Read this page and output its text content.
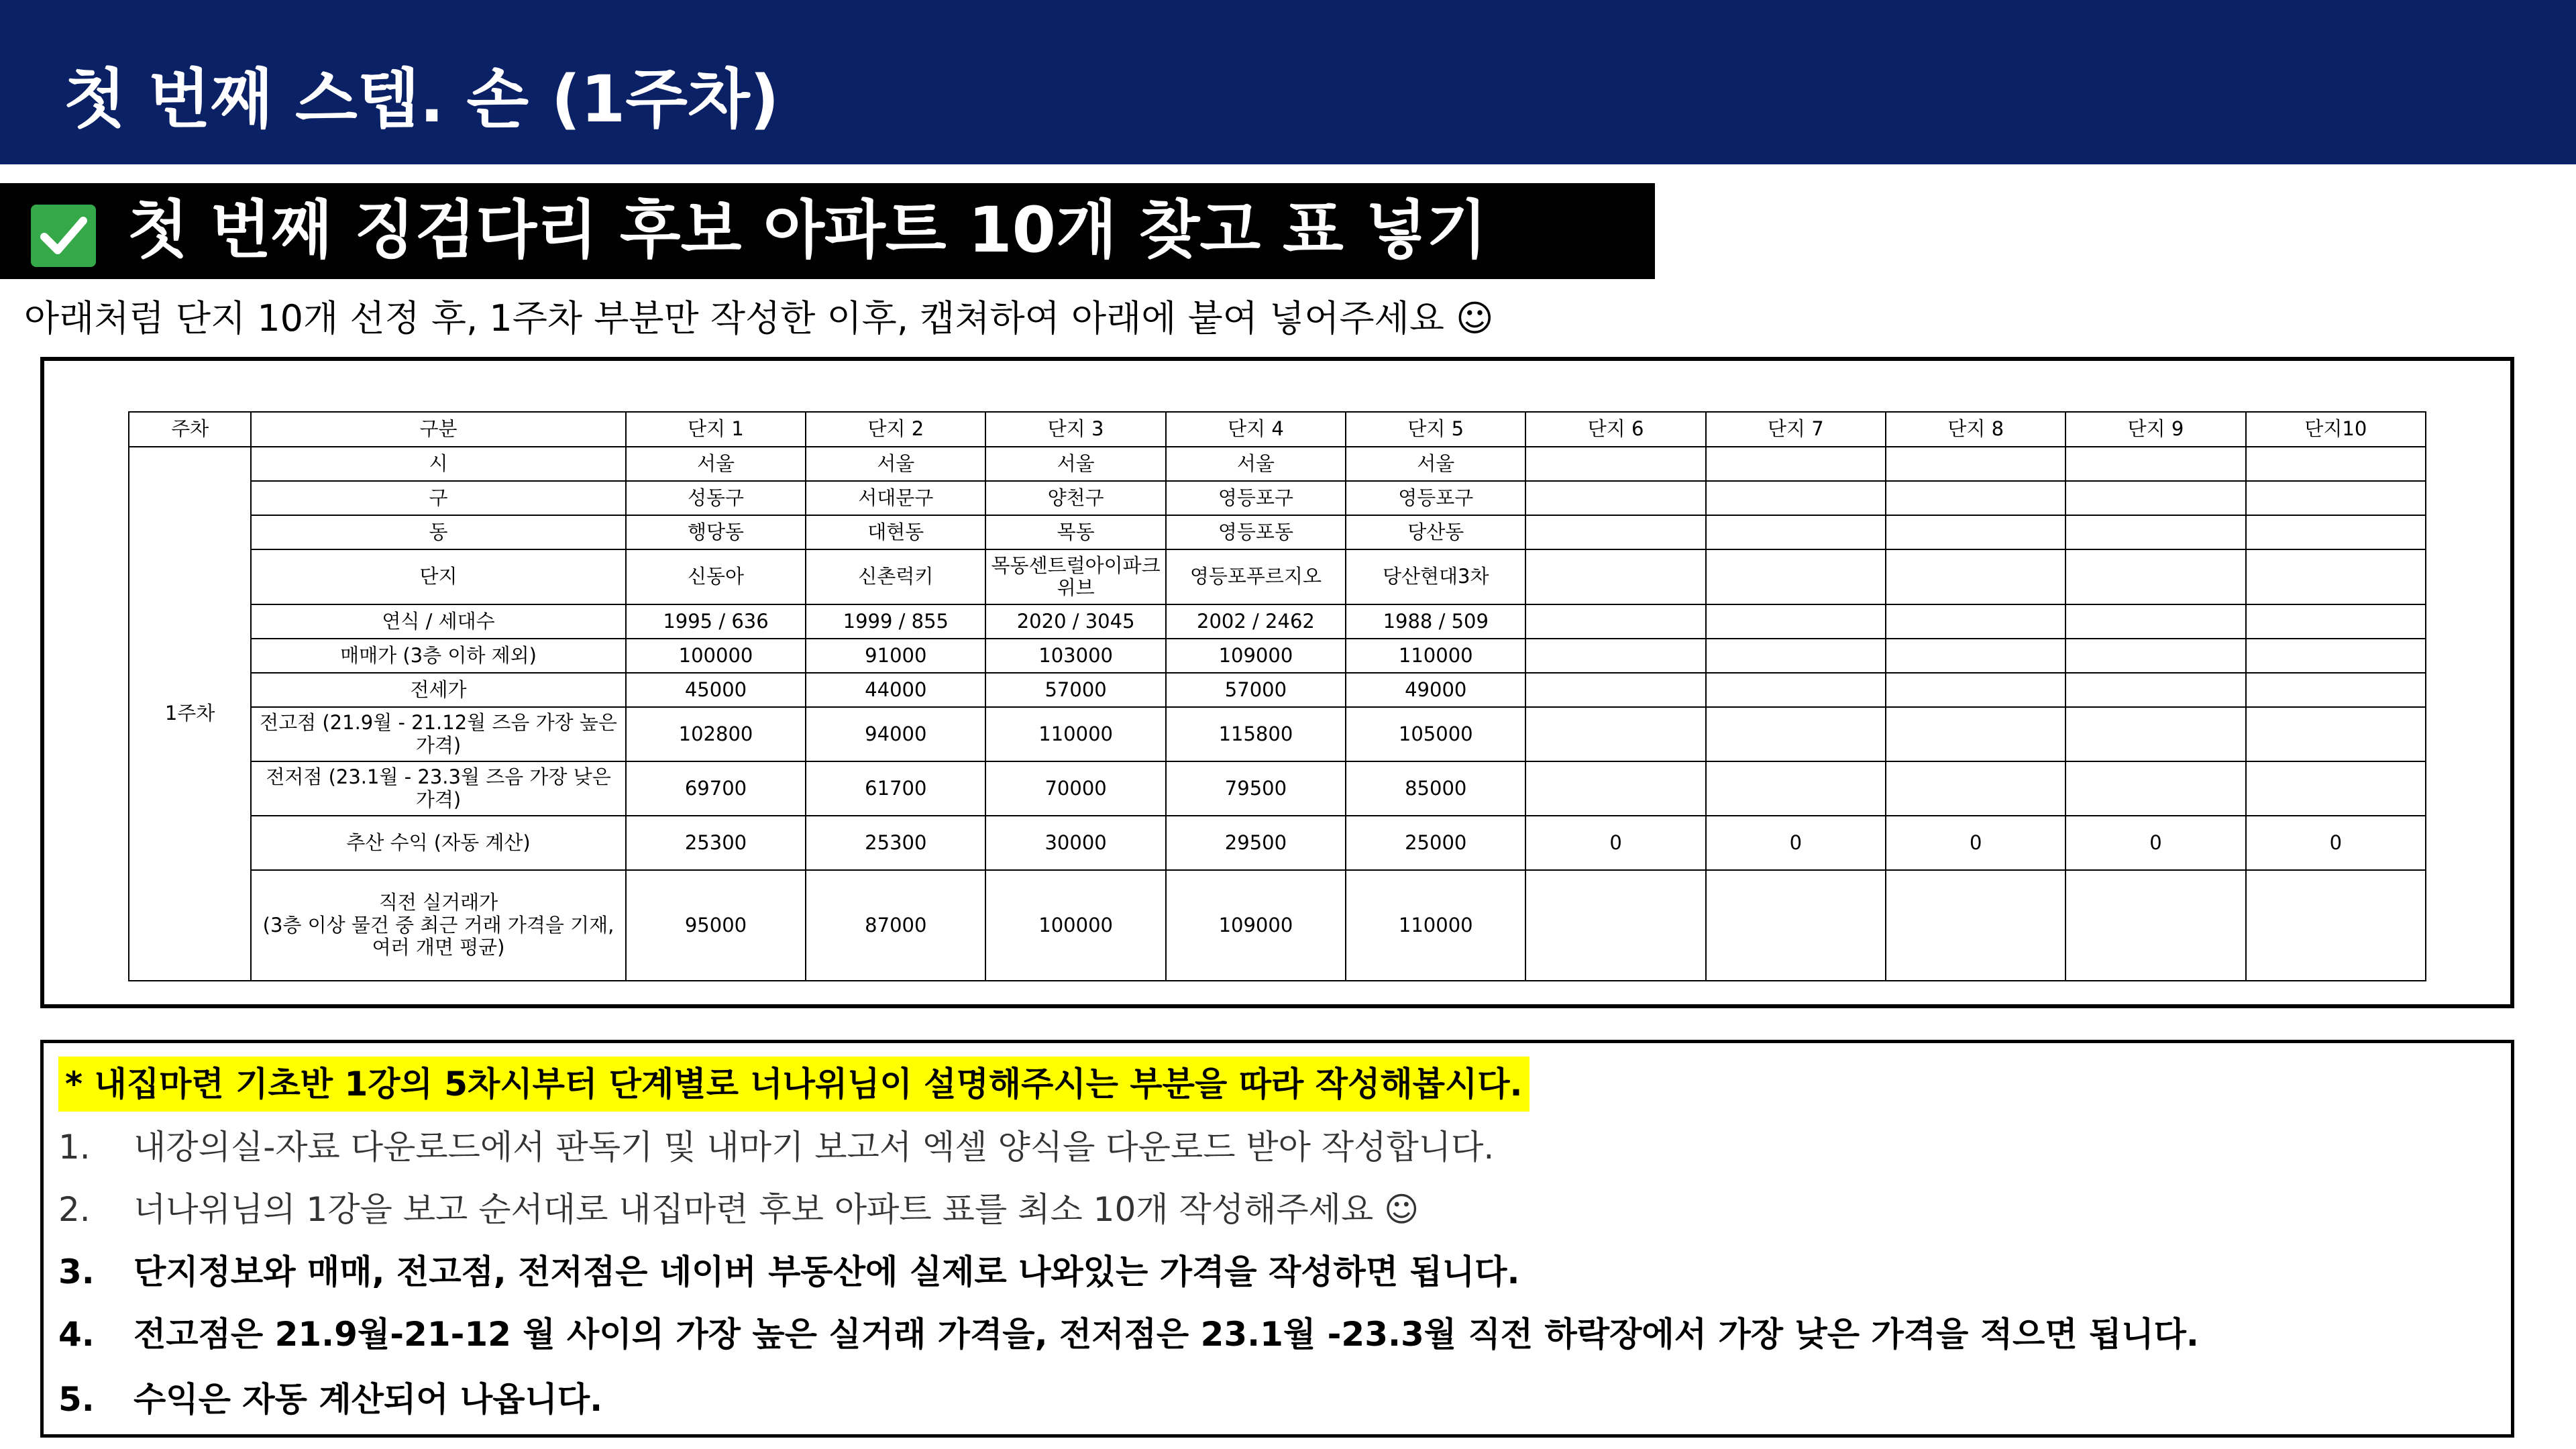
첫 번째 스텝. 손 (1주차)
첫 번째 징검다리 후보 아파트 10개 찾고 표 넣기
아래처럼 단지 10개 선정 후, 1주차 부분만 작성한 이후, 캡쳐하여 아래에 붙여 넣어주세요 ☺
주차	구분	단지 1	단지 2	단지 3	단지 4	단지 5	단지 6	단지 7	단지 8	단지 9	단지10
1주차	시	서울	서울	서울	서울	서울					
	구	성동구	서대문구	양천구	영등포구	영등포구					
	동	행당동	대현동	목동	영등포동	당산동					
	단지	신동아	신촌럭키	목동센트럴아이파크위브	영등포푸르지오	당산현대3차					
	연식 / 세대수	1995 / 636	1999 / 855	2020 / 3045	2002 / 2462	1988 / 509					
	매매가 (3층 이하 제외)	100000	91000	103000	109000	110000					
	전세가	45000	44000	57000	57000	49000					
	전고점 (21.9월 - 21.12월 즈음 가장 높은 가격)	102800	94000	110000	115800	105000					
	전저점 (23.1월 - 23.3월 즈음 가장 낮은 가격)	69700	61700	70000	79500	85000					
	추산 수익 (자동 계산)	25300	25300	30000	29500	25000	0	0	0	0	0
	직전 실거래가
(3층 이상 물건 중 최근 거래 가격을 기재,
여러 개면 평균)	95000	87000	100000	109000	110000					
* 내집마련 기초반 1강의 5차시부터 단계별로 너나위님이 설명해주시는 부분을 따라 작성해봅시다.
1. 내강의실-자료 다운로드에서 판독기 및 내마기 보고서 엑셀 양식을 다운로드 받아 작성합니다.
2. 너나위님의 1강을 보고 순서대로 내집마련 후보 아파트 표를 최소 10개 작성해주세요 ☺
3. 단지정보와 매매, 전고점, 전저점은 네이버 부동산에 실제로 나와있는 가격을 작성하면 됩니다.
4. 전고점은 21.9월-21-12 월 사이의 가장 높은 실거래 가격을, 전저점은 23.1월 -23.3월 직전 하락장에서 가장 낮은 가격을 적으면 됩니다.
5. 수익은 자동 계산되어 나옵니다.
